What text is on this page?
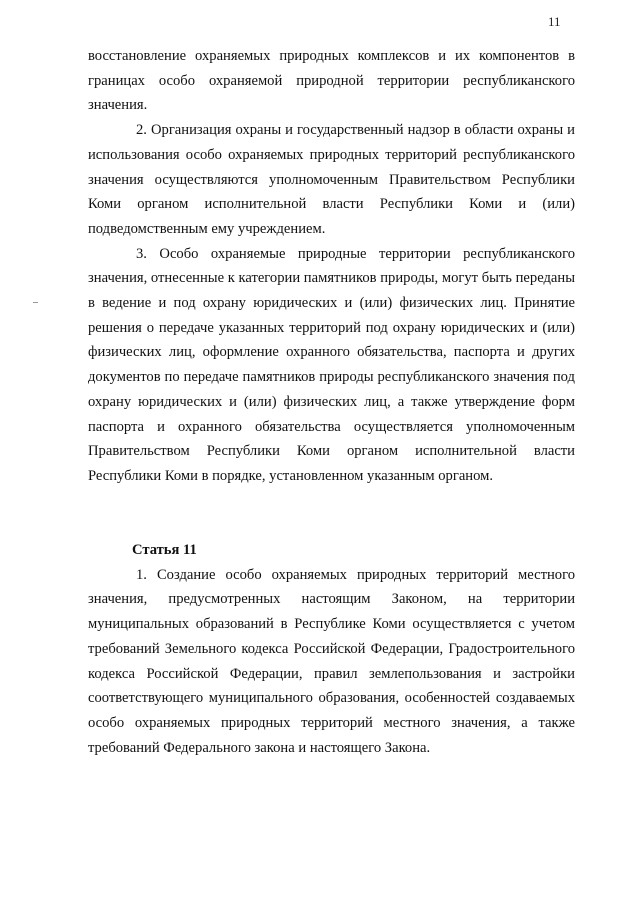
11

восстановление охраняемых природных комплексов и их компонентов в границах особо охраняемой природной территории республиканского значения.

2. Организация охраны и государственный надзор в области охраны и использования особо охраняемых природных территорий республиканского значения осуществляются уполномоченным Правительством Республики Коми органом исполнительной власти Республики Коми и (или) подведомственным ему учреждением.

3. Особо охраняемые природные территории республиканского значения, отнесенные к категории памятников природы, могут быть переданы в ведение и под охрану юридических и (или) физических лиц. Принятие решения о передаче указанных территорий под охрану юридических и (или) физических лиц, оформление охранного обязательства, паспорта и других документов по передаче памятников природы республиканского значения под охрану юридических и (или) физических лиц, а также утверждение форм паспорта и охранного обязательства осуществляется уполномоченным Правительством Республики Коми органом исполнительной власти Республики Коми в порядке, установленном указанным органом.

Статья 11

1. Создание особо охраняемых природных территорий местного значения, предусмотренных настоящим Законом, на территории муниципальных образований в Республике Коми осуществляется с учетом требований Земельного кодекса Российской Федерации, Градостроительного кодекса Российской Федерации, правил землепользования и застройки соответствующего муниципального образования, особенностей создаваемых особо охраняемых природных территорий местного значения, а также требований Федерального закона и настоящего Закона.
